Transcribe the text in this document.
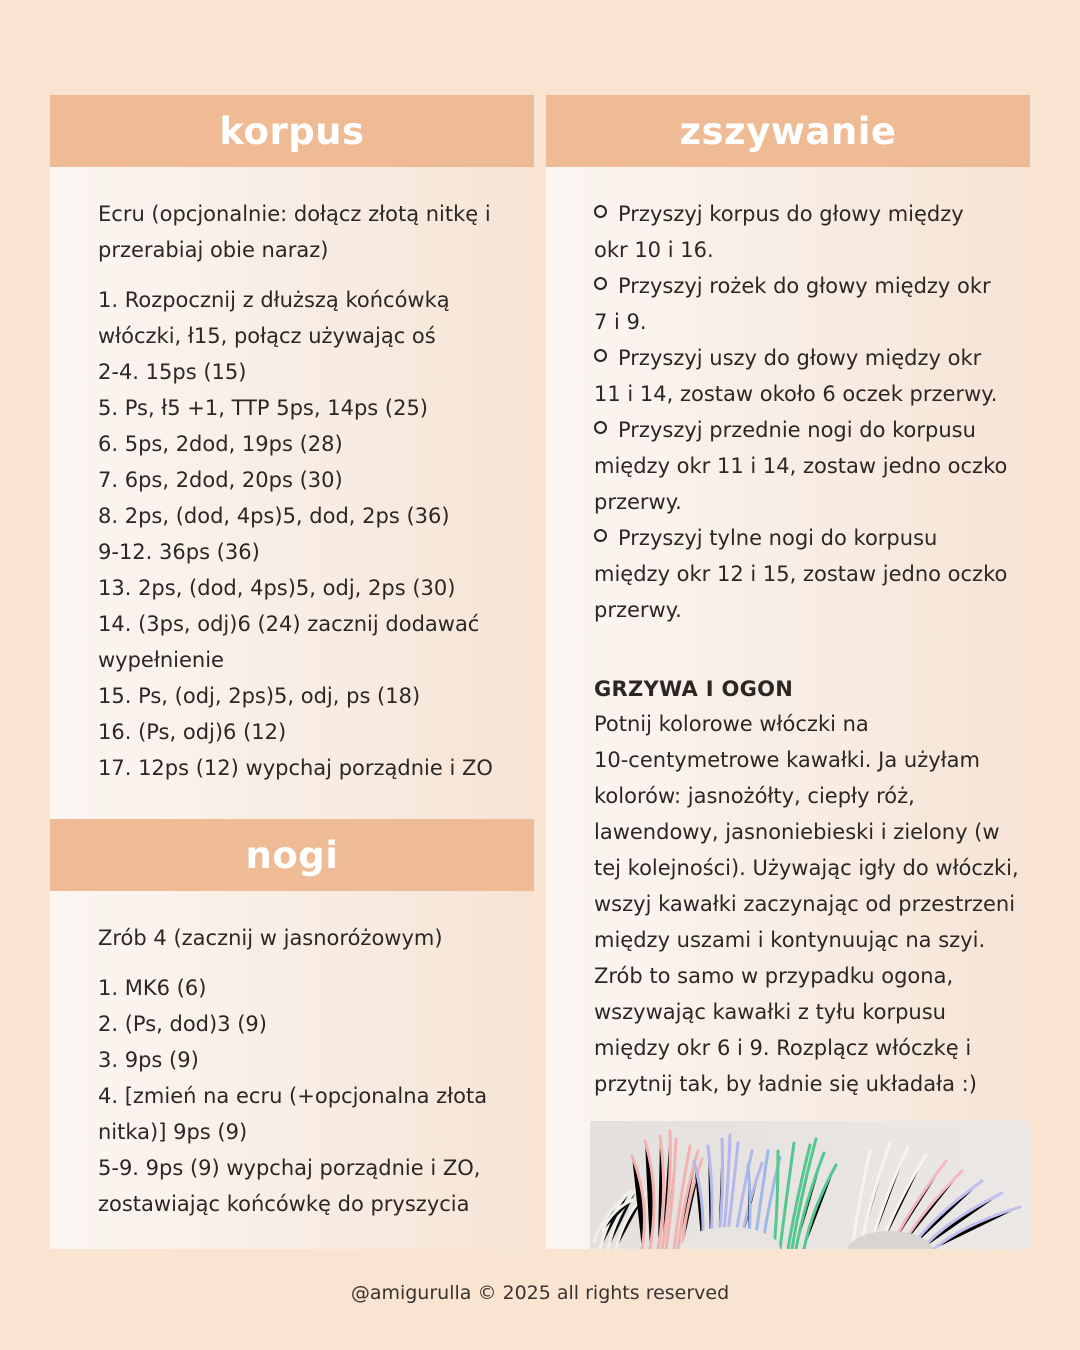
korpus	zszywanie
nogi

Ecru (opcjonalnie: dołącz złotą nitkę i

przerabiaj obie naraz)

1. Rozpocznij z dłuższą końcówką

włóczki, ł15, połącz używając oś

2-4. 15ps (15)

5. Ps, ł5 +1, TTP 5ps, 14ps (25)

6. 5ps, 2dod, 19ps (28)

7. 6ps, 2dod, 20ps (30)

8. 2ps, (dod, 4ps)5, dod, 2ps (36)

9-12. 36ps (36)

13. 2ps, (dod, 4ps)5, odj, 2ps (30)

14. (3ps, odj)6 (24) zacznij dodawać

wypełnienie

15. Ps, (odj, 2ps)5, odj, ps (18)

16. (Ps, odj)6 (12)

17. 12ps (12) wypchaj porządnie i ZO

Zrób 4 (zacznij w jasnoróżowym)

1. MK6 (6)

2. (Ps, dod)3 (9)

3. 9ps (9)

4. [zmień na ecru (+opcjonalna złota

nitka)] 9ps (9)

5-9. 9ps (9) wypchaj porządnie i ZO,

zostawiając końcówkę do pryszycia

Przyszyj korpus do głowy między

okr 10 i 16.

Przyszyj rożek do głowy między okr

7 i 9.

Przyszyj uszy do głowy między okr

11 i 14, zostaw około 6 oczek przerwy.

Przyszyj przednie nogi do korpusu

między okr 11 i 14, zostaw jedno oczko

przerwy.

Przyszyj tylne nogi do korpusu

między okr 12 i 15, zostaw jedno oczko

przerwy.

GRZYWA I OGON

Potnij kolorowe włóczki na

10-centymetrowe kawałki. Ja użyłam

kolorów: jasnożółty, ciepły róż,

lawendowy, jasnoniebieski i zielony (w

tej kolejności). Używając igły do włóczki,

wszyj kawałki zaczynając od przestrzeni

między uszami i kontynuując na szyi.

Zrób to samo w przypadku ogona,

wszywając kawałki z tyłu korpusu

między okr 6 i 9. Rozplącz włóczkę i

przytnij tak, by ładnie się układała :)

@amigurulla © 2025 all rights reserved
